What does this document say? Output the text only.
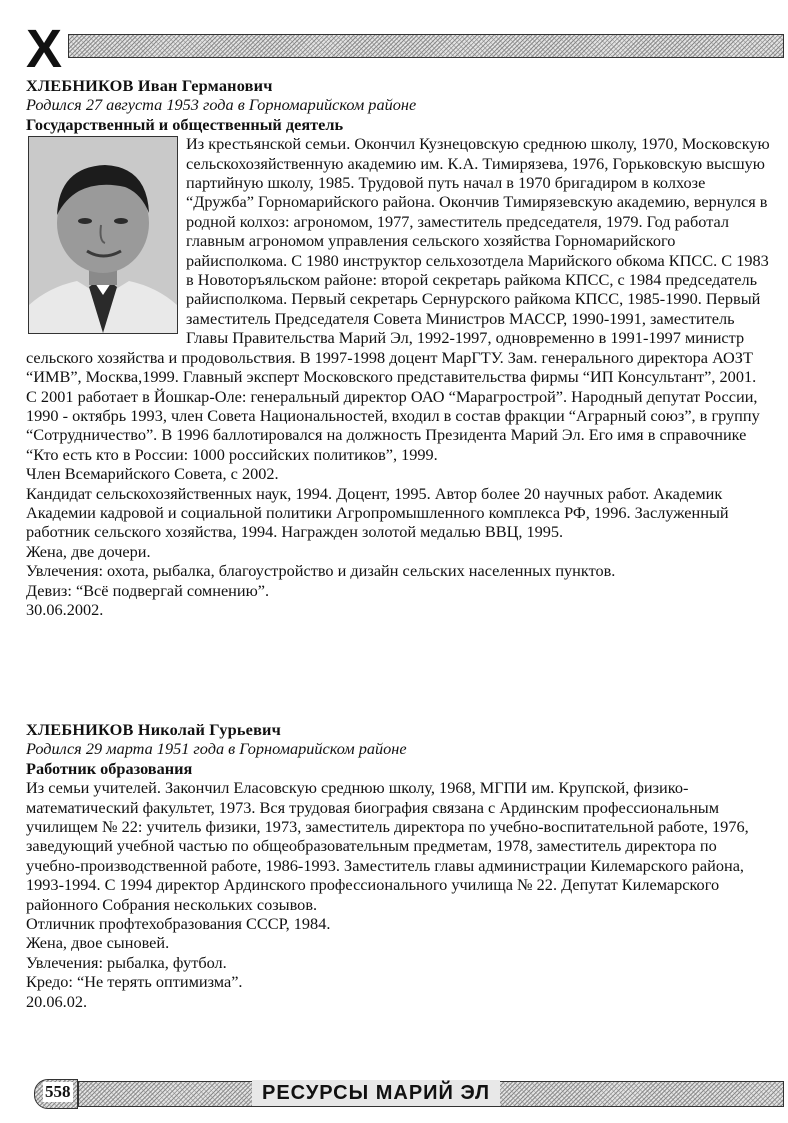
Х
ХЛЕБНИКОВ Иван Германович
Родился 27 августа 1953 года в Горномарийском районе
Государственный и общественный деятель

Из крестьянской семьи. Окончил Кузнецовскую среднюю школу, 1970, Московскую сельскохозяйственную академию им. К.А. Тимирязева, 1976, Горьковскую высшую партийную школу, 1985. Трудовой путь начал в 1970 бригадиром в колхозе “Дружба” Горномарийского района. Окончив Тимирязевскую академию, вернулся в родной колхоз: агрономом, 1977, заместитель председателя, 1979. Год работал главным агрономом управления сельского хозяйства Горномарийского райисполкома. С 1980 инструктор сельхозотдела Марийского обкома КПСС. С 1983 в Новоторъяльском районе: второй секретарь райкома КПСС, с 1984 председатель райисполкома. Первый секретарь Сернурского райкома КПСС, 1985-1990. Первый заместитель Председателя Совета Министров МАССР, 1990-1991, заместитель Главы Правительства Марий Эл, 1992-1997, одновременно в 1991-1997 министр сельского хозяйства и продовольствия. В 1997-1998 доцент МарГТУ. Зам. генерального директора АОЗТ “ИМВ”, Москва,1999. Главный эксперт Московского представительства фирмы “ИП Консультант”, 2001. С 2001 работает в Йошкар-Оле: генеральный директор ОАО “Марагрострой”. Народный депутат России, 1990 - октябрь 1993, член Совета Национальностей, входил в состав фракции “Аграрный союз”, в группу “Сотрудничество”. В 1996 баллотировался на должность Президента Марий Эл. Его имя в справочнике “Кто есть кто в России: 1000 российских политиков”, 1999.

Член Всемарийского Совета, с 2002.

Кандидат сельскохозяйственных наук, 1994. Доцент, 1995. Автор более 20 научных работ. Академик Академии кадровой и социальной политики Агропромышленного комплекса РФ, 1996. Заслуженный работник сельского хозяйства, 1994. Награжден золотой медалью ВВЦ, 1995.

Жена, две дочери.

Увлечения: охота, рыбалка, благоустройство и дизайн сельских населенных пунктов.

Девиз: “Всё подвергай сомнению”.

30.06.2002.

ХЛЕБНИКОВ Николай Гурьевич
Родился 29 марта 1951 года в Горномарийском районе
Работник образования

Из семьи учителей. Закончил Еласовскую среднюю школу, 1968, МГПИ им. Крупской, физико-математический факультет, 1973. Вся трудовая биография связана с Ардинским профессиональным училищем № 22: учитель физики, 1973, заместитель директора по учебно-воспитательной работе, 1976, заведующий учебной частью по общеобразовательным предметам, 1978, заместитель директора по учебно-производственной работе, 1986-1993. Заместитель главы администрации Килемарского района, 1993-1994. С 1994 директор Ардинского профессионального училища № 22. Депутат Килемарского районного Собрания нескольких созывов.

Отличник профтехобразования СССР, 1984.

Жена, двое сыновей.

Увлечения: рыбалка, футбол.

Кредо: “Не терять оптимизма”.

20.06.02.

558	РЕСУРСЫ МАРИЙ ЭЛ
